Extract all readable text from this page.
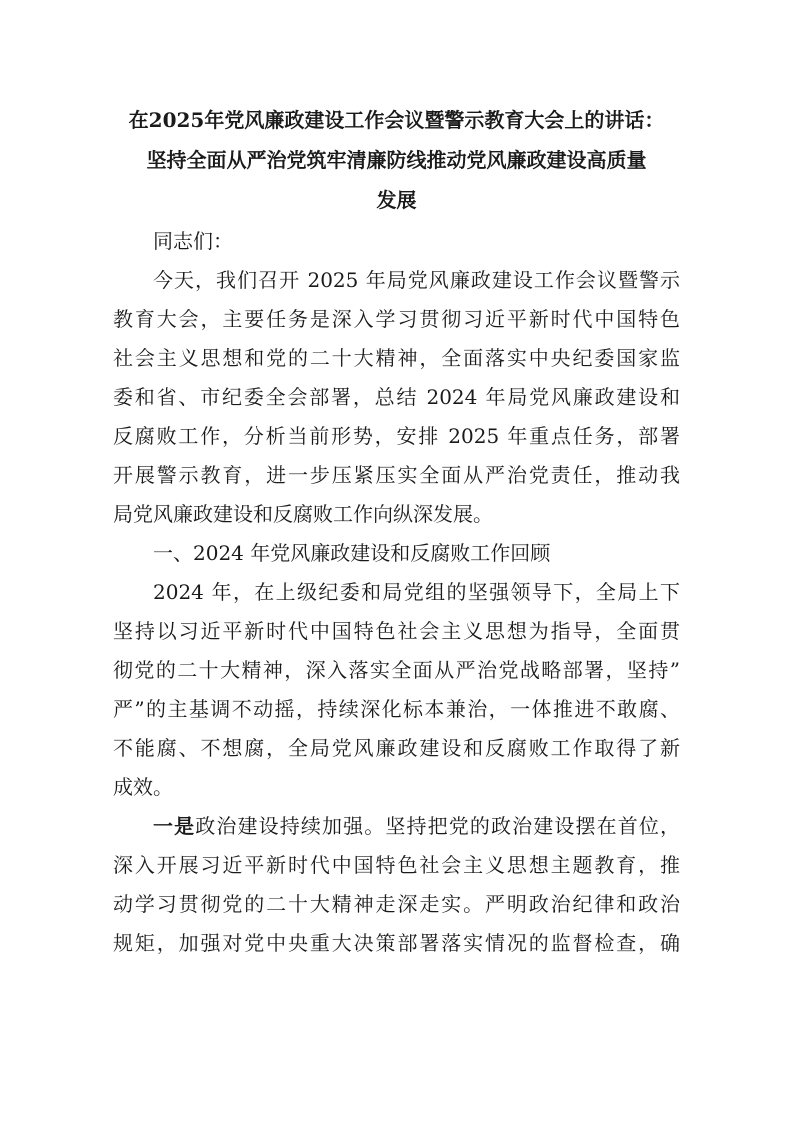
在2025年党风廉政建设工作会议暨警示教育大会上的讲话：
坚持全面从严治党筑牢清廉防线推动党风廉政建设高质量
发展
同志们：
今天，我们召开 2025 年局党风廉政建设工作会议暨警示
教育大会，主要任务是深入学习贯彻习近平新时代中国特色
社会主义思想和党的二十大精神，全面落实中央纪委国家监
委和省、市纪委全会部署，总结 2024 年局党风廉政建设和
反腐败工作，分析当前形势，安排 2025 年重点任务，部署
开展警示教育，进一步压紧压实全面从严治党责任，推动我
局党风廉政建设和反腐败工作向纵深发展。
一、2024 年党风廉政建设和反腐败工作回顾
2024 年，在上级纪委和局党组的坚强领导下，全局上下
坚持以习近平新时代中国特色社会主义思想为指导，全面贯
彻党的二十大精神，深入落实全面从严治党战略部署，坚持”
严”的主基调不动摇，持续深化标本兼治，一体推进不敢腐、
不能腐、不想腐，全局党风廉政建设和反腐败工作取得了新
成效。
一是政治建设持续加强。坚持把党的政治建设摆在首位，
深入开展习近平新时代中国特色社会主义思想主题教育，推
动学习贯彻党的二十大精神走深走实。严明政治纪律和政治
规矩，加强对党中央重大决策部署落实情况的监督检查，确
